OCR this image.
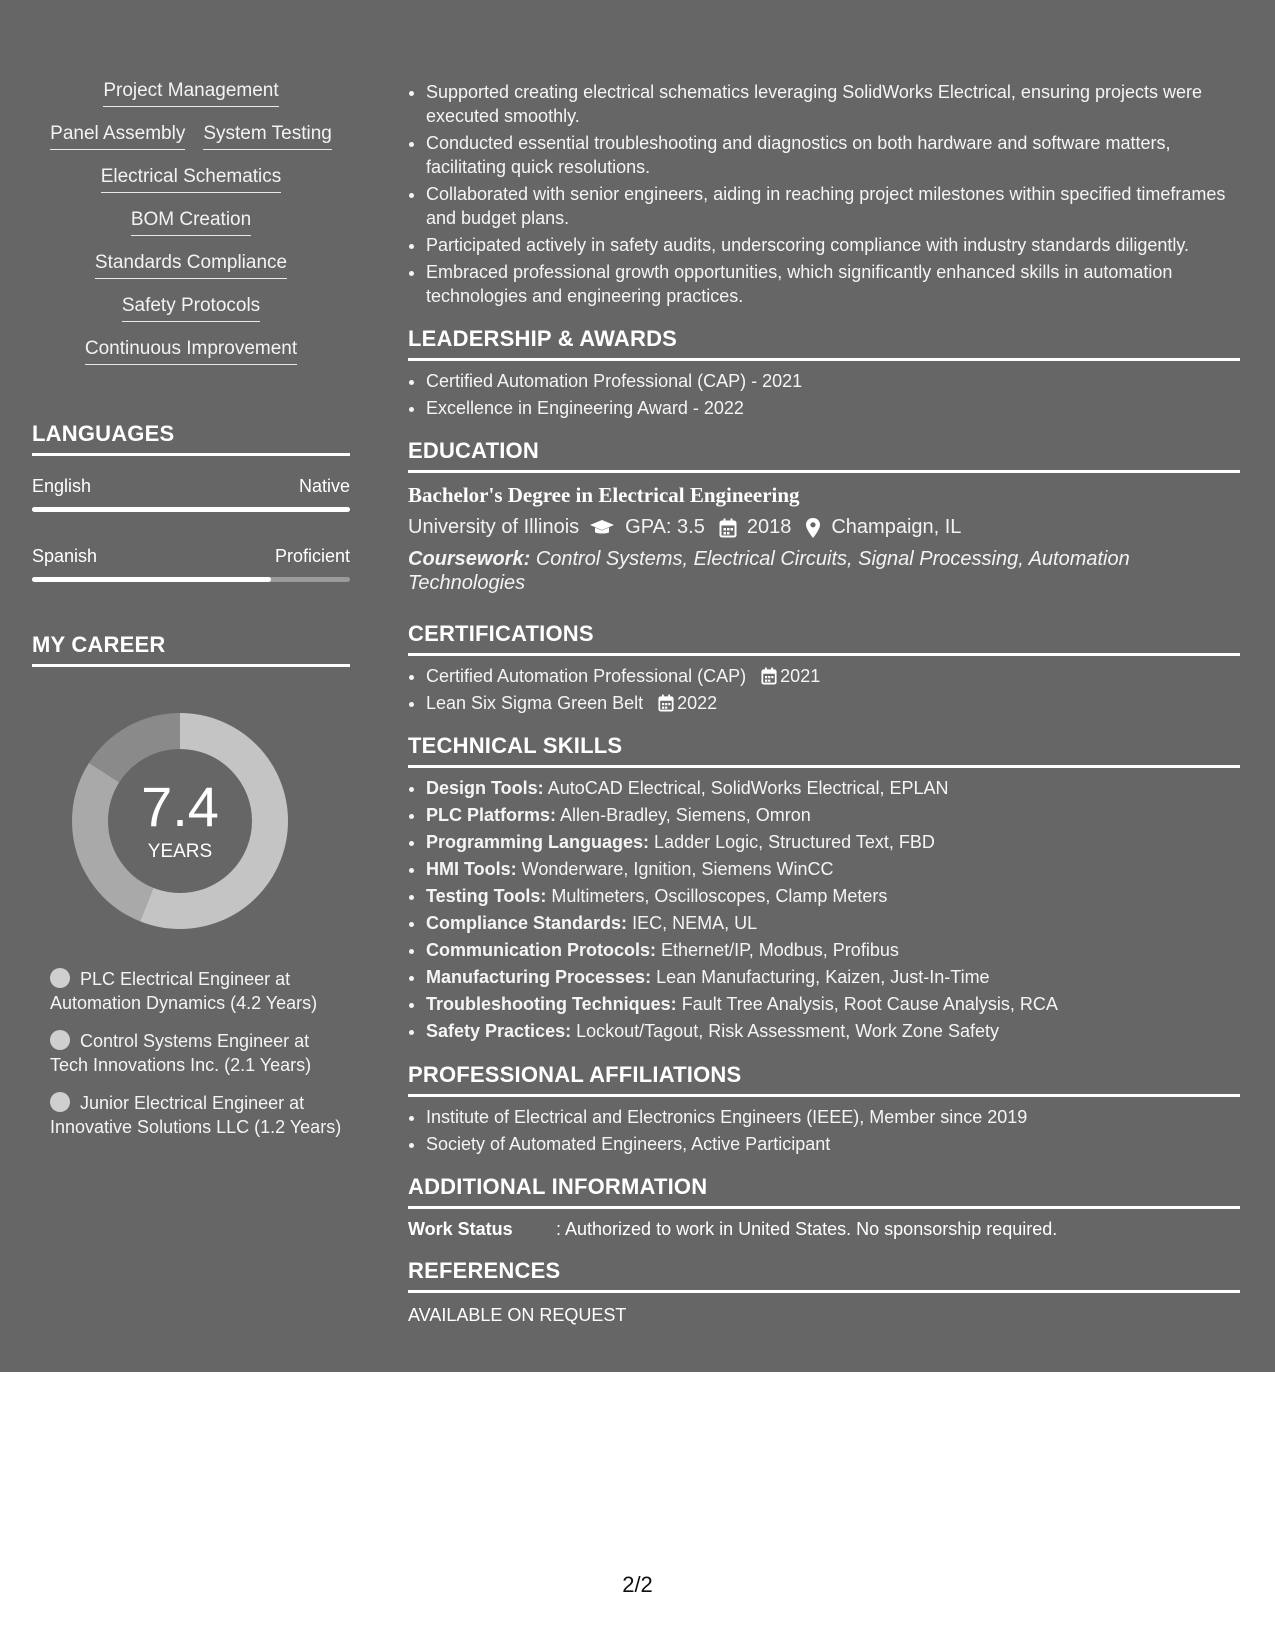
Project Management
Panel Assembly System Testing
Electrical Schematics
BOM Creation
Standards Compliance
Safety Protocols
Continuous Improvement
LANGUAGES
English	Native
Spanish	Proficient
MY CAREER
7.4
YEARS
PLC Electrical Engineer at Automation Dynamics (4.2 Years)
Control Systems Engineer at Tech Innovations Inc. (2.1 Years)
Junior Electrical Engineer at Innovative Solutions LLC (1.2 Years)
• Supported creating electrical schematics leveraging SolidWorks Electrical, ensuring projects were executed smoothly.
• Conducted essential troubleshooting and diagnostics on both hardware and software matters, facilitating quick resolutions.
• Collaborated with senior engineers, aiding in reaching project milestones within specified timeframes and budget plans.
• Participated actively in safety audits, underscoring compliance with industry standards diligently.
• Embraced professional growth opportunities, which significantly enhanced skills in automation technologies and engineering practices.
LEADERSHIP & AWARDS
• Certified Automation Professional (CAP) - 2021
• Excellence in Engineering Award - 2022
EDUCATION
Bachelor's Degree in Electrical Engineering
University of Illinois GPA: 3.5 2018 Champaign, IL
Coursework: Control Systems, Electrical Circuits, Signal Processing, Automation Technologies
CERTIFICATIONS
• Certified Automation Professional (CAP) 2021
• Lean Six Sigma Green Belt 2022
TECHNICAL SKILLS
• Design Tools: AutoCAD Electrical, SolidWorks Electrical, EPLAN
• PLC Platforms: Allen-Bradley, Siemens, Omron
• Programming Languages: Ladder Logic, Structured Text, FBD
• HMI Tools: Wonderware, Ignition, Siemens WinCC
• Testing Tools: Multimeters, Oscilloscopes, Clamp Meters
• Compliance Standards: IEC, NEMA, UL
• Communication Protocols: Ethernet/IP, Modbus, Profibus
• Manufacturing Processes: Lean Manufacturing, Kaizen, Just-In-Time
• Troubleshooting Techniques: Fault Tree Analysis, Root Cause Analysis, RCA
• Safety Practices: Lockout/Tagout, Risk Assessment, Work Zone Safety
PROFESSIONAL AFFILIATIONS
• Institute of Electrical and Electronics Engineers (IEEE), Member since 2019
• Society of Automated Engineers, Active Participant
ADDITIONAL INFORMATION
Work Status	: Authorized to work in United States. No sponsorship required.
REFERENCES
AVAILABLE ON REQUEST
2/2
